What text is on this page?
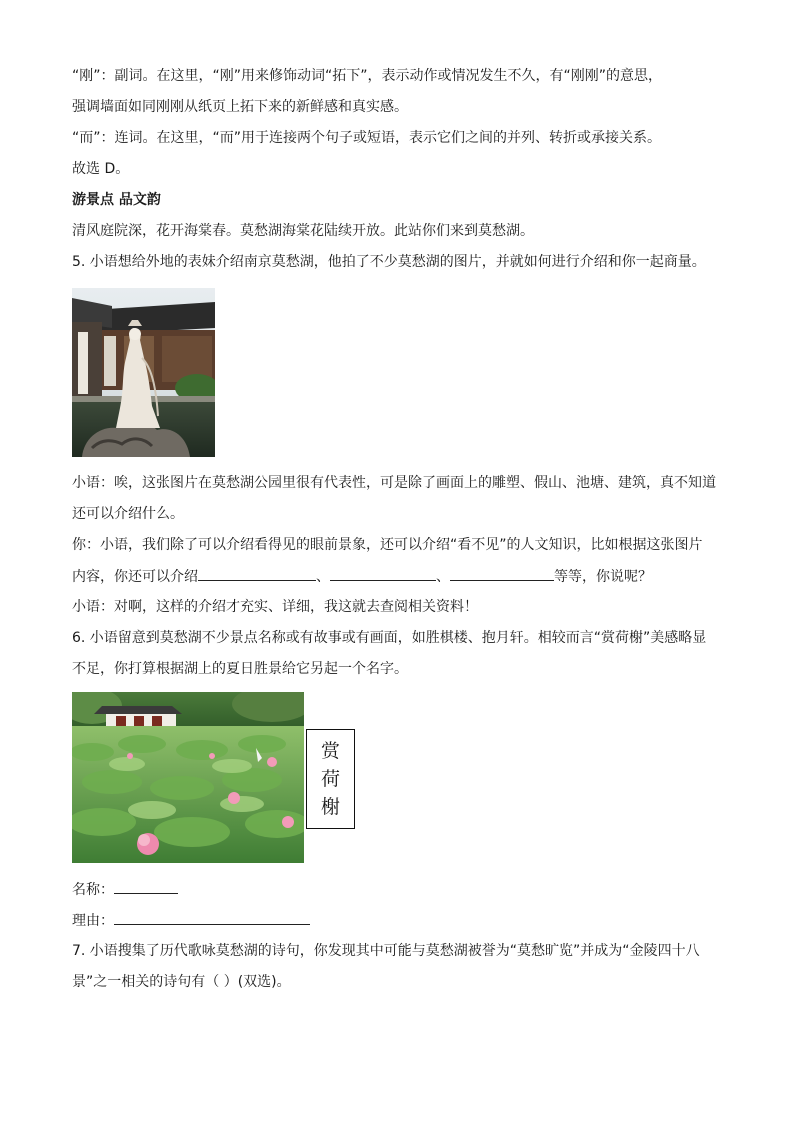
“刚”：副词。在这里，“刚”用来修饰动词“拓下”，表示动作或情况发生不久，有“刚刚”的意思，
强调墙面如同刚刚从纸页上拓下来的新鲜感和真实感。
“而”：连词。在这里，“而”用于连接两个句子或短语，表示它们之间的并列、转折或承接关系。
故选 D。
游景点 品文韵
清风庭院深，花开海棠春。莫愁湖海棠花陆续开放。此站你们来到莫愁湖。
5. 小语想给外地的表妹介绍南京莫愁湖，他拍了不少莫愁湖的图片，并就如何进行介绍和你一起商量。
小语：唉，这张图片在莫愁湖公园里很有代表性，可是除了画面上的雕塑、假山、池塘、建筑，真不知道
还可以介绍什么。
你：小语，我们除了可以介绍看得见的眼前景象，还可以介绍“看不见”的人文知识，比如根据这张图片
内容，你还可以介绍	、	、	等等，你说呢？
小语：对啊，这样的介绍才充实、详细，我这就去查阅相关资料！
6. 小语留意到莫愁湖不少景点名称或有故事或有画面，如胜棋楼、抱月轩。相较而言“赏荷榭”美感略显
不足，你打算根据湖上的夏日胜景给它另起一个名字。
赏
荷
榭
名称：
理由：
7. 小语搜集了历代歌咏莫愁湖的诗句，你发现其中可能与莫愁湖被誉为“莫愁旷览”并成为“金陵四十八
景”之一相关的诗句有（ ）(双选)。
